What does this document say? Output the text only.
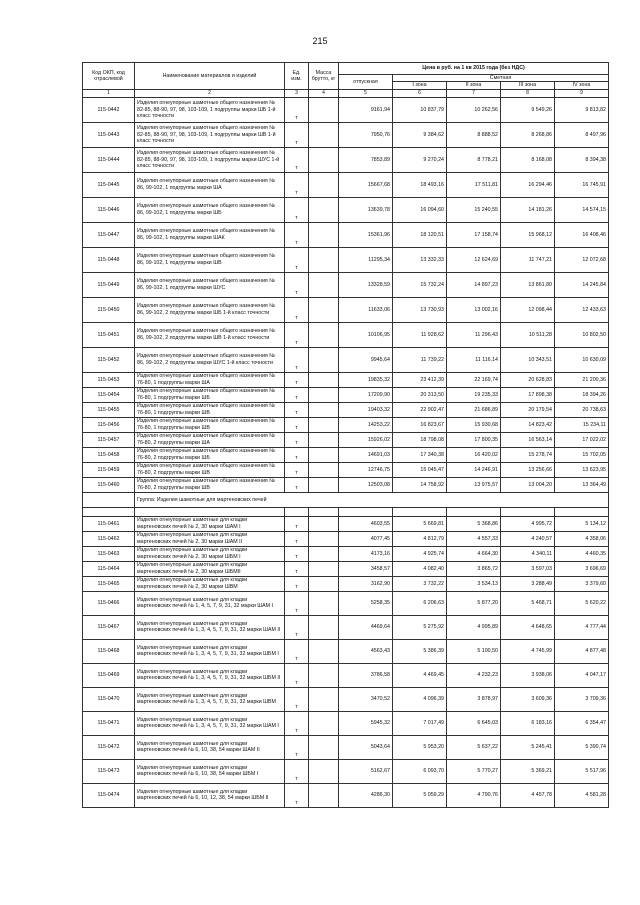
215
Код ОКП, код отраслевой	Наименование материалов и изделий	Ед. изм.	Масса брутто, кг	Цена в руб. на 1 кв 2015 года (без НДС)				
				отпускная	Сметная			
					I зона	II зона	III зона	IV зона
1	2	3	4	5	6	7	8	9
115-0442	Изделия огнеупорные шамотные общего назначения № 82-85, 88-90, 97, 98, 103-109, 1 подгруппы марки ШБ 1-й класс точности	т		9161,94	10 837,79	10 262,56	9 549,26	9 813,82
115-0443	Изделия огнеупорные шамотные общего назначения № 82-85, 88-90, 97, 98, 103-109, 1 подгруппы марки ШВ 1-й класс точности	т		7950,76	9 384,62	8 888,52	8 268,86	8 497,96
115-0444	Изделия огнеупорные шамотные общего назначения № 82-85, 88-90, 97, 98, 103-109, 1 подгруппы марки ШУС 1-й класс точности	т		7853,89	9 270,24	8 778,21	8 168,08	8 394,38
115-0445	Изделия огнеупорные шамотные общего назначения № 86, 99-102, 1 подгруппы марки ША	т		15667,68	18 493,16	17 511,81	16 294,46	16 745,91
115-0446	Изделия огнеупорные шамотные общего назначения № 86, 99-102, 1 подгруппы марки ШБ	т		13639,78	16 094,60	15 240,55	14 181,26	14 574,15
115-0447	Изделия огнеупорные шамотные общего назначения № 86, 99-102, 1 подгруппы марки ШАК	т		15361,96	18 120,51	17 158,74	15 968,12	16 408,46
115-0448	Изделия огнеупорные шамотные общего назначения № 86, 99-102, 1 подгруппы марки ШВ	т		11295,34	13 332,33	12 624,69	11 747,21	12 072,68
115-0449	Изделия огнеупорные шамотные общего назначения № 86, 99-102, 1 подгруппы марки ШУС	т		13328,59	15 732,24	14 897,23	13 861,80	14 245,84
115-0450	Изделия огнеупорные шамотные общего назначения № 86, 99-102, 2 подгруппы марки ШБ 1-й класс точности	т		11633,06	13 730,93	13 002,16	12 098,44	12 433,63
115-0451	Изделия огнеупорные шамотные общего назначения № 86, 99-102, 2 подгруппы марки ШВ 1-й класс точности	т		10106,95	11 928,62	11 296,43	10 511,28	10 802,50
115-0452	Изделия огнеупорные шамотные общего назначения № 86, 99-102, 2 подгруппы марки ШУС 1-й класс точности	т		9945,64	11 739,22	11 116,14	10 343,51	10 630,09
115-0453	Изделия огнеупорные шамотные общего назначения № 76-80, 1 подгруппы марки ША	т		19835,32	23 412,39	22 169,74	20 628,83	21 200,36
115-0454	Изделия огнеупорные шамотные общего назначения № 76-80, 1 подгруппы марки ШБ	т		17209,90	20 313,50	19 235,33	17 898,38	18 394,26
115-0455	Изделия огнеупорные шамотные общего назначения № 76-80, 1 подгруппы марки ШВ	т		19403,32	22 902,47	21 686,89	20 179,54	20 738,63
115-0456	Изделия огнеупорные шамотные общего назначения № 76-80, 1 подгруппы марки ШВ	т		14253,22	16 823,67	15 930,68	14 823,42	15 234,11
115-0457	Изделия огнеупорные шамотные общего назначения № 76-80, 2 подгруппы марки ША	т		15926,02	18 798,08	17 800,35	16 563,14	17 022,02
115-0458	Изделия огнеупорные шамотные общего назначения № 76-80, 2 подгруппы марки ШБ	т		14691,03	17 340,38	16 420,02	15 278,74	15 702,05
115-0459	Изделия огнеупорные шамотные общего назначения № 76-80, 2 подгруппы марки ШВ	т		12746,75	15 045,47	14 246,91	13 256,66	13 623,95
115-0460	Изделия огнеупорные шамотные общего назначения № 76-80, 2 подгруппы марки ШВ	т		12503,08	14 758,92	13 975,57	13 004,20	13 364,49
	Группа: Изделия шамотные для мартеновских печей							

115-0461	Изделия огнеупорные шамотные для кладки мартеновских печей № 2, 30 марки ШАМ I	т		4603,55	5 669,81	5 368,86	4 995,72	5 134,12
115-0462	Изделия огнеупорные шамотные для кладки мартеновских печей № 2, 30 марки ШАМ II	т		4077,45	4 812,79	4 557,33	4 240,57	4 358,06
115-0463	Изделия огнеупорные шамотные для кладки мартеновских печей № 2, 30 марки ШБМ I	т		4173,16	4 925,74	4 664,30	4 340,11	4 460,35
115-0464	Изделия огнеупорные шамотные для кладки мартеновских печей № 2, 30 марки ШБМII	т		3458,57	4 082,40	3 865,72	3 597,03	3 696,69
115-0465	Изделия огнеупорные шамотные для кладки мартеновских печей № 2, 30 марки ШВМ	т		3162,90	3 732,22	3 534,13	3 288,49	3 379,60
115-0466	Изделия огнеупорные шамотные для кладки мартеновских печей № 1, 4, 5, 7, 9, 31, 32 марки ШАМ I	т		5258,35	6 206,63	5 877,20	5 468,71	5 620,22
115-0467	Изделия огнеупорные шамотные для кладки мартеновских печей № 1, 3, 4, 5, 7, 9, 31, 32 марки ШАМ II	т		4469,64	5 275,92	4 995,89	4 648,65	4 777,44
115-0468	Изделия огнеупорные шамотные для кладки мартеновских печей № 1, 3, 4, 5, 7, 9, 31, 32 марки ШБМ I	т		4563,43	5 386,39	5 100,50	4 745,99	4 877,48
115-0469	Изделия огнеупорные шамотные для кладки мартеновских печей № 1, 3, 4, 5, 7, 9, 31, 32 марки ШБМ II	т		3786,58	4 469,45	4 232,23	3 938,06	4 047,17
115-0470	Изделия огнеупорные шамотные для кладки мартеновских печей № 1, 3, 4, 5, 7, 9, 31, 32 марки ШВМ	т		3470,52	4 096,39	3 878,97	3 609,36	3 709,36
115-0471	Изделия огнеупорные шамотные для кладки мартеновских печей № 1, 3, 4, 5, 7, 9, 31, 32 марки ШАМ I	т		5945,32	7 017,49	6 645,03	6 183,16	6 354,47
115-0472	Изделия огнеупорные шамотные для кладки мартеновских печей № 6, 10, 38, 54 марки ШАМ II	т		5043,64	5 953,20	5 637,22	5 245,41	5 390,74
115-0473	Изделия огнеупорные шамотные для кладки мартеновских печей № 6, 10, 38, 54 марки ШБМ I	т		5162,67	6 093,70	5 770,27	5 369,21	5 517,96
115-0474	Изделия огнеупорные шамотные для кладки мартеновских печей № 6, 10, 12, 38, 54 марки ШБМ II	т		4286,30	5 059,29	4 790,76	4 457,78	4 581,28
